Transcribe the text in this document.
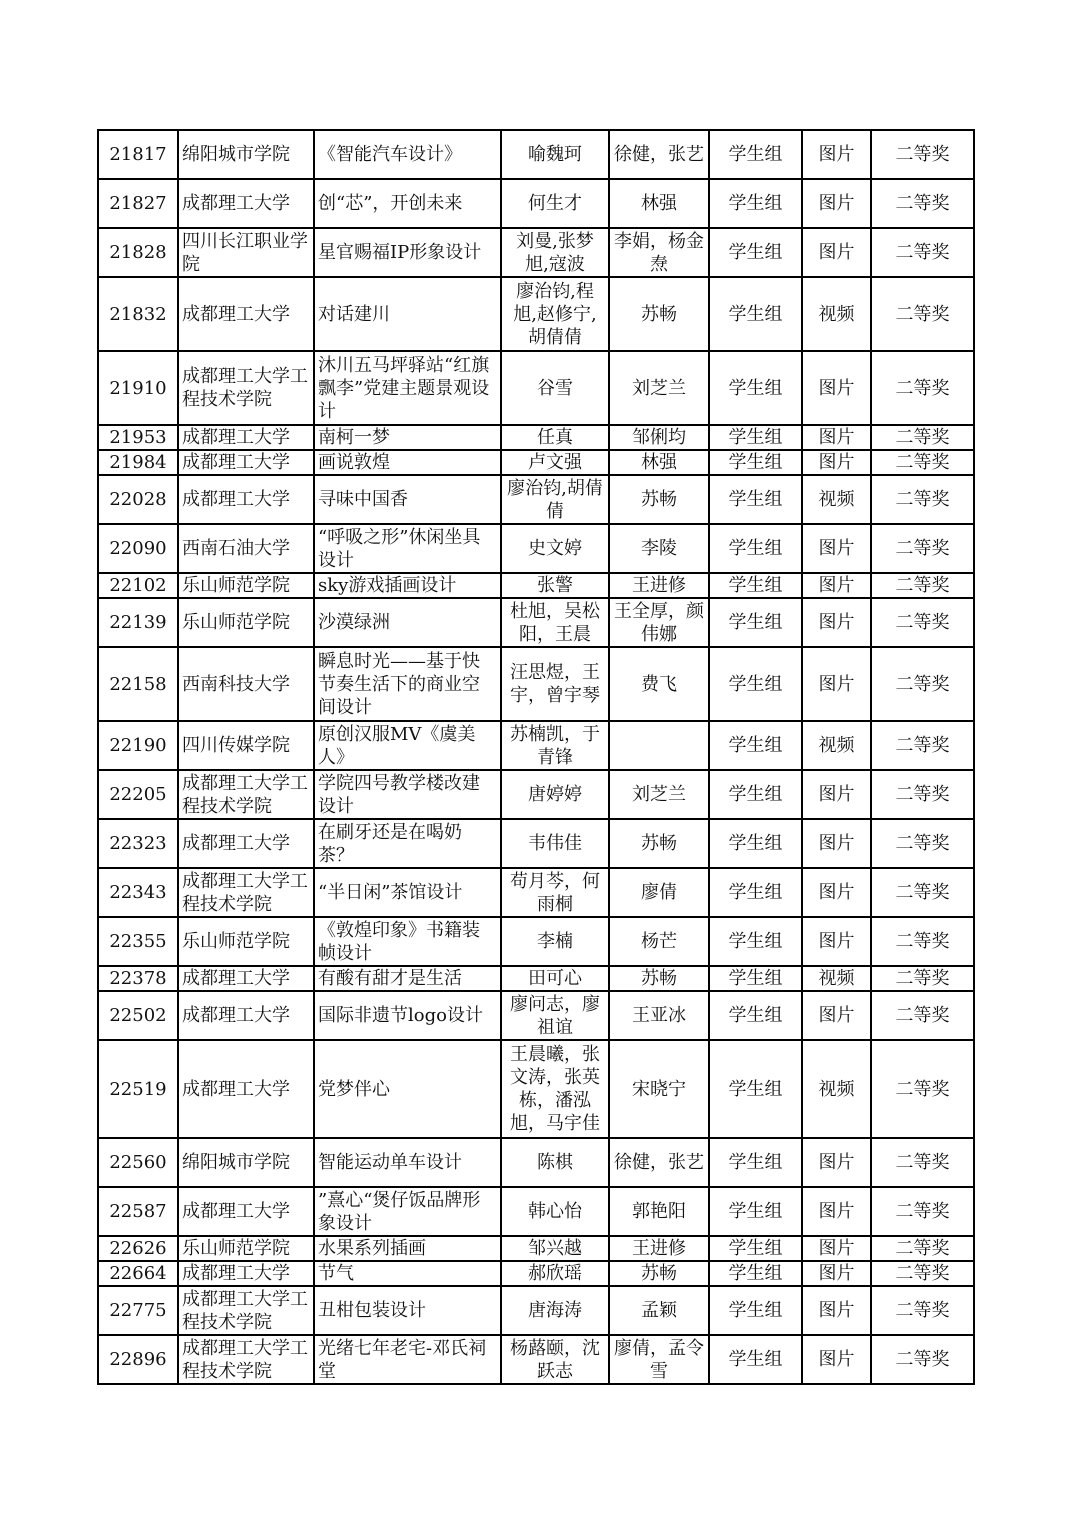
21817	绵阳城市学院	《智能汽车设计》	喻魏珂	徐健，张艺	学生组	图片	二等奖
21827	成都理工大学	创“芯”，开创未来	何生才	林强	学生组	图片	二等奖
21828	四川长江职业学院	星官赐福IP形象设计	刘曼,张梦旭,寇波	李娟，杨金焘	学生组	图片	二等奖
21832	成都理工大学	对话建川	廖治钧,程旭,赵修宁,胡倩倩	苏畅	学生组	视频	二等奖
21910	成都理工大学工程技术学院	沐川五马坪驿站“红旗飘李”党建主题景观设计	谷雪	刘芝兰	学生组	图片	二等奖
21953	成都理工大学	南柯一梦	任真	邹俐均	学生组	图片	二等奖
21984	成都理工大学	画说敦煌	卢文强	林强	学生组	图片	二等奖
22028	成都理工大学	寻味中国香	廖治钧,胡倩倩	苏畅	学生组	视频	二等奖
22090	西南石油大学	“呼吸之形”休闲坐具设计	史文婷	李陵	学生组	图片	二等奖
22102	乐山师范学院	sky游戏插画设计	张警	王进修	学生组	图片	二等奖
22139	乐山师范学院	沙漠绿洲	杜旭，吴松阳，王晨	王全厚，颜伟娜	学生组	图片	二等奖
22158	西南科技大学	瞬息时光——基于快节奏生活下的商业空间设计	汪思煜，王宇，曾宇琴	费飞	学生组	图片	二等奖
22190	四川传媒学院	原创汉服MV《虞美人》	苏楠凯，于青锋		学生组	视频	二等奖
22205	成都理工大学工程技术学院	学院四号教学楼改建设计	唐婷婷	刘芝兰	学生组	图片	二等奖
22323	成都理工大学	在刷牙还是在喝奶茶？	韦伟佳	苏畅	学生组	图片	二等奖
22343	成都理工大学工程技术学院	“半日闲”茶馆设计	苟月芩，何雨桐	廖倩	学生组	图片	二等奖
22355	乐山师范学院	《敦煌印象》书籍装帧设计	李楠	杨芒	学生组	图片	二等奖
22378	成都理工大学	有酸有甜才是生活	田可心	苏畅	学生组	视频	二等奖
22502	成都理工大学	国际非遗节logo设计	廖问志，廖祖谊	王亚冰	学生组	图片	二等奖
22519	成都理工大学	党梦伴心	王晨曦，张文涛，张英栋，潘泓旭，马宇佳	宋晓宁	学生组	视频	二等奖
22560	绵阳城市学院	智能运动单车设计	陈棋	徐健，张艺	学生组	图片	二等奖
22587	成都理工大学	”熹心“煲仔饭品牌形象设计	韩心怡	郭艳阳	学生组	图片	二等奖
22626	乐山师范学院	水果系列插画	邹兴越	王进修	学生组	图片	二等奖
22664	成都理工大学	节气	郝欣瑶	苏畅	学生组	图片	二等奖
22775	成都理工大学工程技术学院	丑柑包装设计	唐海涛	孟颖	学生组	图片	二等奖
22896	成都理工大学工程技术学院	光绪七年老宅-邓氏祠堂	杨蕗颐，沈跃志	廖倩，孟令雪	学生组	图片	二等奖
